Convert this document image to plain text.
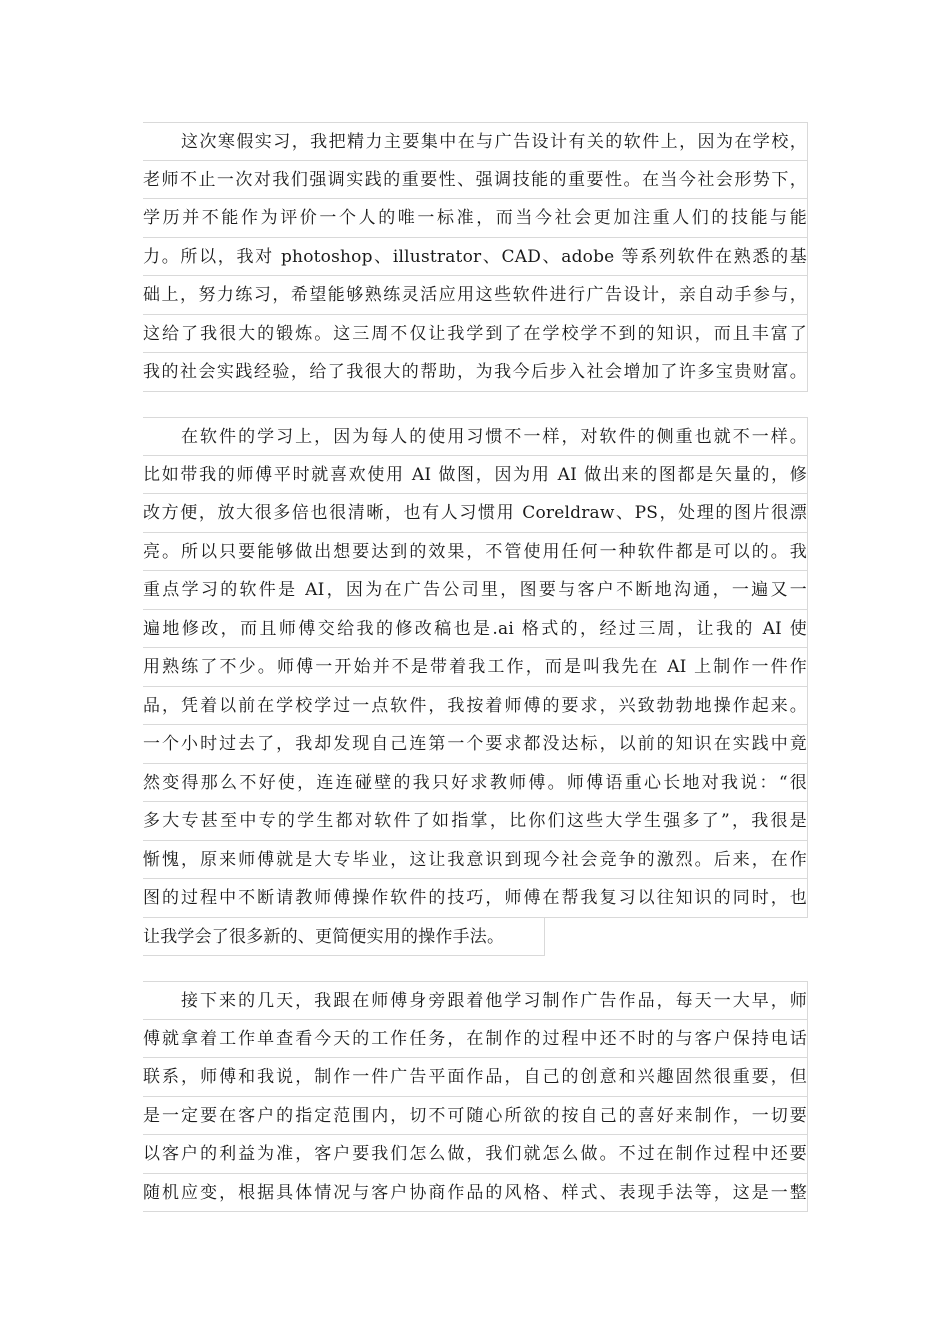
这次寒假实习，我把精力主要集中在与广告设计有关的软件上，因为在学校，
老师不止一次对我们强调实践的重要性、强调技能的重要性。在当今社会形势下，
学历并不能作为评价一个人的唯一标准，而当今社会更加注重人们的技能与能
力。所以，我对 photoshop、illustrator、CAD、adobe 等系列软件在熟悉的基
础上，努力练习，希望能够熟练灵活应用这些软件进行广告设计，亲自动手参与，
这给了我很大的锻炼。这三周不仅让我学到了在学校学不到的知识，而且丰富了
我的社会实践经验，给了我很大的帮助，为我今后步入社会增加了许多宝贵财富。
在软件的学习上，因为每人的使用习惯不一样，对软件的侧重也就不一样。
比如带我的师傅平时就喜欢使用 AI 做图，因为用 AI 做出来的图都是矢量的，修
改方便，放大很多倍也很清晰，也有人习惯用 Coreldraw、PS，处理的图片很漂
亮。所以只要能够做出想要达到的效果，不管使用任何一种软件都是可以的。我
重点学习的软件是 AI，因为在广告公司里，图要与客户不断地沟通，一遍又一
遍地修改，而且师傅交给我的修改稿也是.ai 格式的，经过三周，让我的 AI 使
用熟练了不少。师傅一开始并不是带着我工作，而是叫我先在 AI 上制作一件作
品，凭着以前在学校学过一点软件，我按着师傅的要求，兴致勃勃地操作起来。
一个小时过去了，我却发现自己连第一个要求都没达标，以前的知识在实践中竟
然变得那么不好使，连连碰壁的我只好求教师傅。师傅语重心长地对我说：“很
多大专甚至中专的学生都对软件了如指掌，比你们这些大学生强多了”，我很是
惭愧，原来师傅就是大专毕业，这让我意识到现今社会竞争的激烈。后来，在作
图的过程中不断请教师傅操作软件的技巧，师傅在帮我复习以往知识的同时，也
让我学会了很多新的、更简便实用的操作手法。
接下来的几天，我跟在师傅身旁跟着他学习制作广告作品，每天一大早，师
傅就拿着工作单查看今天的工作任务，在制作的过程中还不时的与客户保持电话
联系，师傅和我说，制作一件广告平面作品，自己的创意和兴趣固然很重要，但
是一定要在客户的指定范围内，切不可随心所欲的按自己的喜好来制作，一切要
以客户的利益为准，客户要我们怎么做，我们就怎么做。不过在制作过程中还要
随机应变，根据具体情况与客户协商作品的风格、样式、表现手法等，这是一整
